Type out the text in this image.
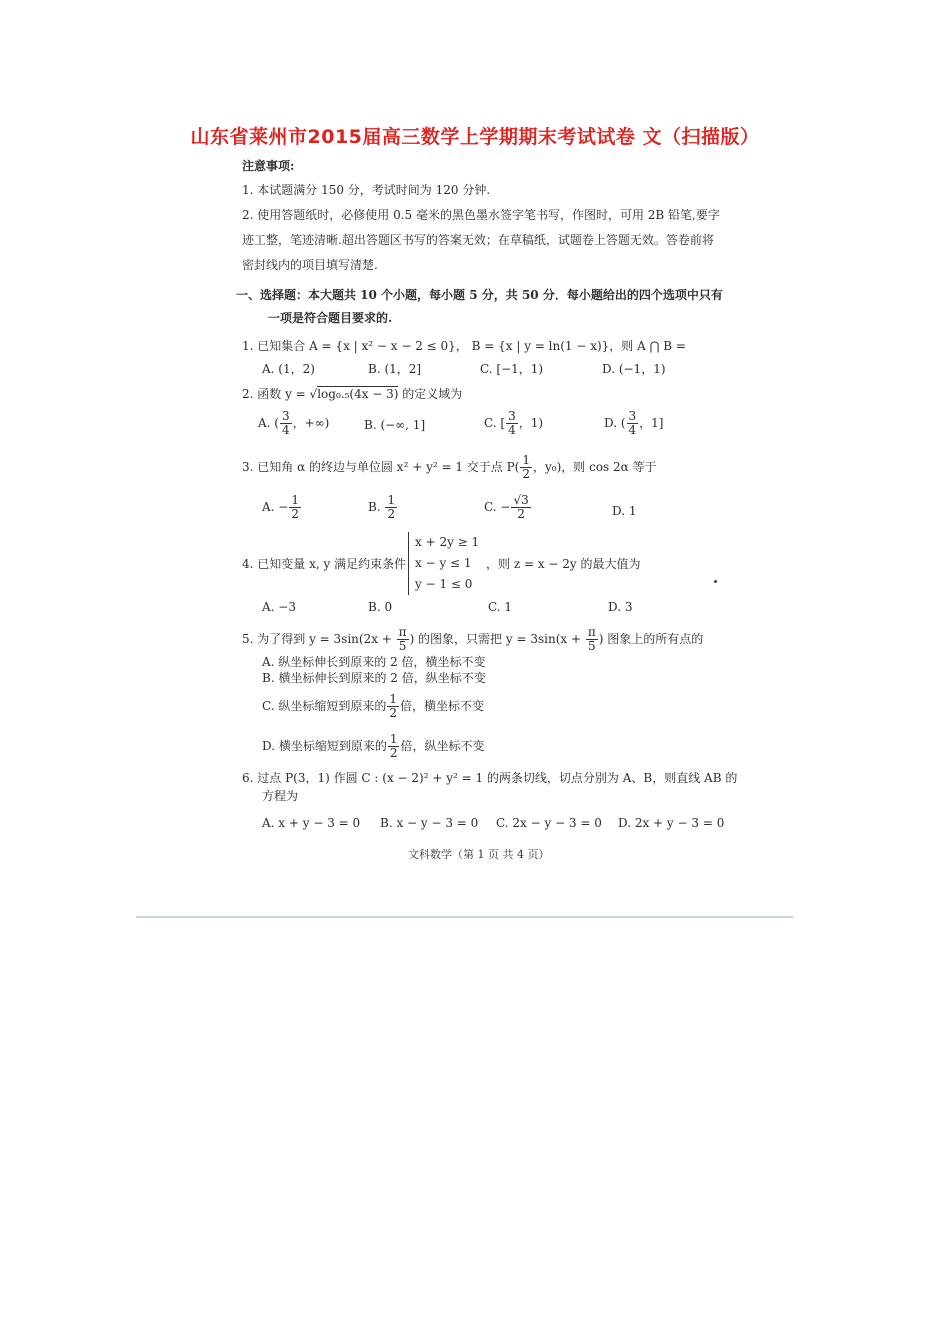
山东省莱州市2015届高三数学上学期期末考试试卷 文（扫描版）
注意事项:
1. 本试题满分 150 分，考试时间为 120 分钟.
2. 使用答题纸时，必修使用 0.5 毫米的黑色墨水签字笔书写，作图时，可用 2B 铅笔,要字
迹工整，笔迹清晰.超出答题区书写的答案无效；在草稿纸，试题卷上答题无效。答卷前将
密封线内的项目填写清楚.
一、选择题：本大题共 10 个小题，每小题 5 分，共 50 分．每小题给出的四个选项中只有
一项是符合题目要求的.
1. 已知集合 A = {x | x² − x − 2 ≤ 0}， B = {x | y = ln(1 − x)}，则 A ⋂ B =
A. (1，2)	B. (1，2]	C. [−1，1)	D. (−1，1)
2. 函数 y = √log₀.₅(4x − 3) 的定义域为
A. ( $\frac{3}{4}$ ，+∞)	B. (−∞, 1]	C. [ $\frac{3}{4}$ ，1)	D. ( $\frac{3}{4}$ ，1]
3. 已知角 α 的终边与单位圆 x² + y² = 1 交于点 $P( \frac{1}{2}$ ，y₀)，则 cos 2α 等于
A. − $\frac{1}{2}$	B. $\frac{1}{2}$	C. − $\frac{√3}{2}$	D. 1
4. 已知变量 x, y 满足约束条件
x + 2y ≥ 1
x − y ≤ 1
y − 1 ≤ 0
，则 z = x − 2y 的最大值为
A. −3	B. 0	C. 1	D. 3
5. 为了得到 $y = 3\sin(2x + \frac{\pi}{5}$ ) 的图象，只需把 $y = 3\sin(x + \frac{\pi}{5}$ ) 图象上的所有点的
A. 纵坐标伸长到原来的 2 倍，横坐标不变
B. 横坐标伸长到原来的 2 倍，纵坐标不变
C. 纵坐标缩短到原来的 $\frac{1}{2}$ 倍，横坐标不变
D. 横坐标缩短到原来的 $\frac{1}{2}$ 倍，纵坐标不变
6. 过点 P(3，1) 作圆 C : (x − 2)² + y² = 1 的两条切线，切点分别为 A、B，则直线 AB 的
方程为
A. x + y − 3 = 0 B. x − y − 3 = 0 C. 2x − y − 3 = 0 D. 2x + y − 3 = 0
文科数学（第 1 页 共 4 页）
